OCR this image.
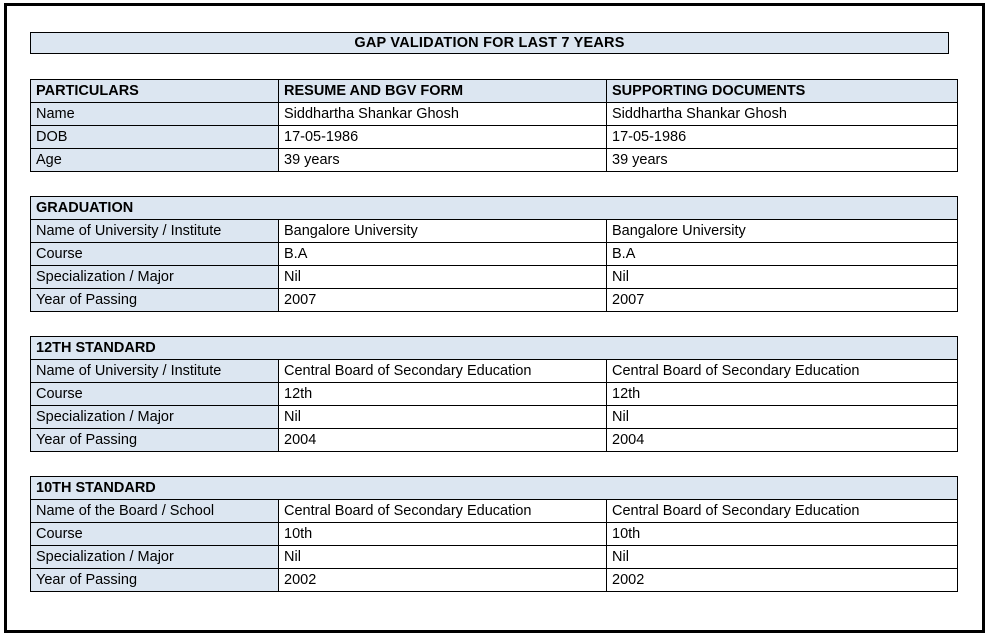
GAP VALIDATION FOR LAST 7 YEARS
PARTICULARS	RESUME AND BGV FORM	SUPPORTING DOCUMENTS
Name	Siddhartha Shankar Ghosh	Siddhartha Shankar Ghosh
DOB	17-05-1986	17-05-1986
Age	39 years	39 years
GRADUATION		
Name of University / Institute	Bangalore University	Bangalore University
Course	B.A	B.A
Specialization / Major	Nil	Nil
Year of Passing	2007	2007
12TH STANDARD		
Name of University / Institute	Central Board of Secondary Education	Central Board of Secondary Education
Course	12th	12th
Specialization / Major	Nil	Nil
Year of Passing	2004	2004
10TH STANDARD		
Name of the Board / School	Central Board of Secondary Education	Central Board of Secondary Education
Course	10th	10th
Specialization / Major	Nil	Nil
Year of Passing	2002	2002
